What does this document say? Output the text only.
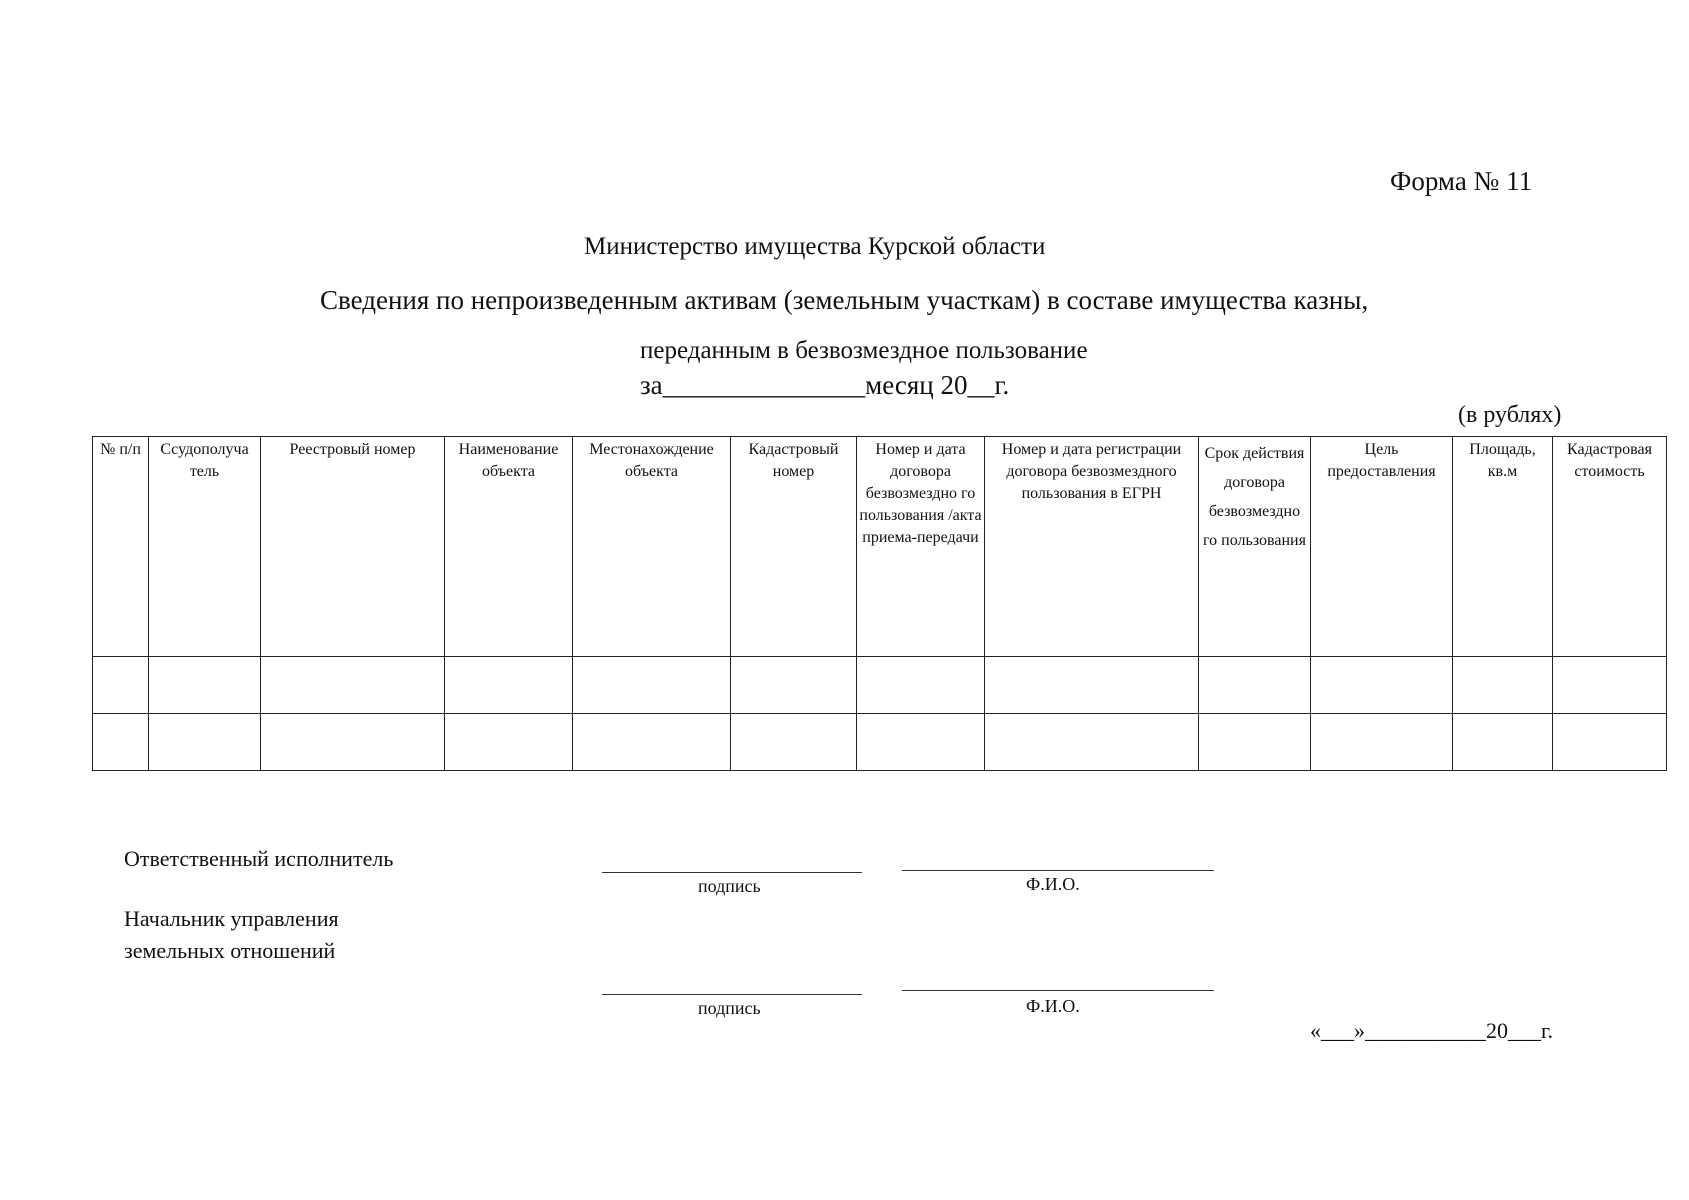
Форма № 11
Министерство имущества Курской области
Сведения по непроизведенным активам (земельным участкам) в составе имущества казны,
переданным в безвозмездное пользование
за_______________месяц 20__г.
(в рублях)
№ п/п	Ссудополуча тель	Реестровый номер	Наименование объекта	Местонахождение объекта	Кадастровый номер	Номер и дата договора безвозмездно го пользования /акта приема-передачи	Номер и дата регистрации договора безвозмездного пользования в ЕГРН	Срок действия договора безвозмездно го пользования	Цель предоставления	Площадь, кв.м	Кадастровая стоимость

Ответственный исполнитель
подпись	Ф.И.О.
Начальник управления
земельных отношений
подпись	Ф.И.О.
«___»___________20___г.
